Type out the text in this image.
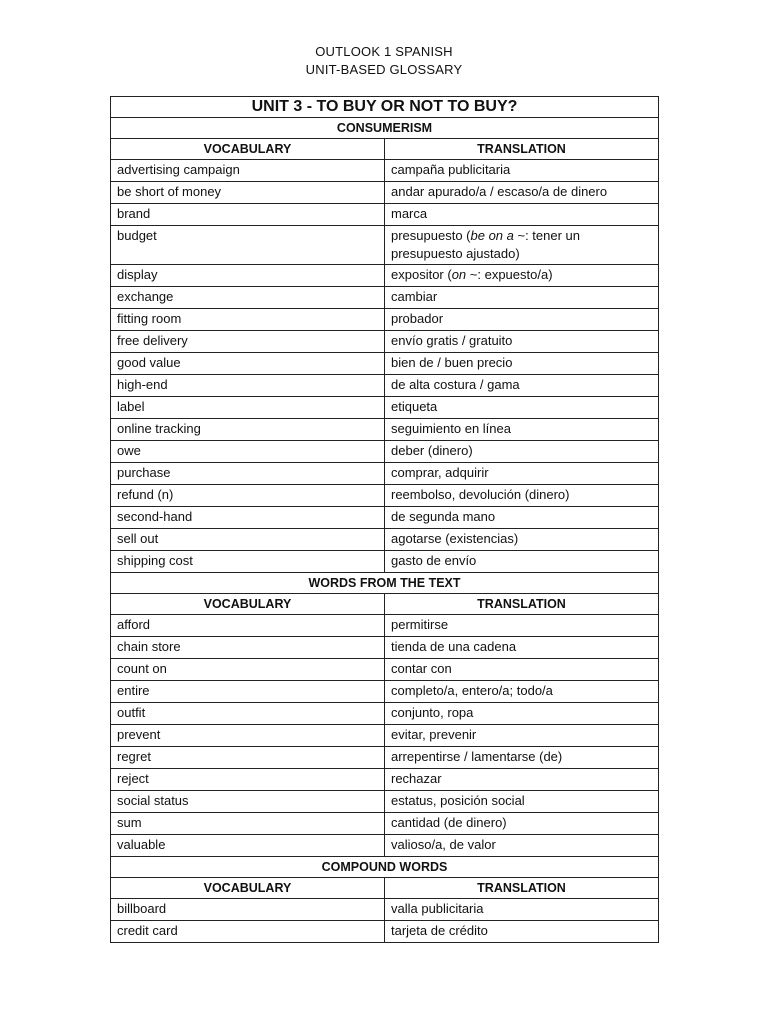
OUTLOOK 1 SPANISH
UNIT-BASED GLOSSARY
UNIT 3 - TO BUY OR NOT TO BUY?	
CONSUMERISM	
VOCABULARY	TRANSLATION
advertising campaign	campaña publicitaria
be short of money	andar apurado/a / escaso/a de dinero
brand	marca
budget	presupuesto (be on a ~: tener un presupuesto ajustado)
display	expositor (on ~: expuesto/a)
exchange	cambiar
fitting room	probador
free delivery	envío gratis / gratuito
good value	bien de / buen precio
high-end	de alta costura / gama
label	etiqueta
online tracking	seguimiento en línea
owe	deber (dinero)
purchase	comprar, adquirir
refund (n)	reembolso, devolución (dinero)
second-hand	de segunda mano
sell out	agotarse (existencias)
shipping cost	gasto de envío
WORDS FROM THE TEXT	
VOCABULARY	TRANSLATION
afford	permitirse
chain store	tienda de una cadena
count on	contar con
entire	completo/a, entero/a; todo/a
outfit	conjunto, ropa
prevent	evitar, prevenir
regret	arrepentirse / lamentarse (de)
reject	rechazar
social status	estatus, posición social
sum	cantidad (de dinero)
valuable	valioso/a, de valor
COMPOUND WORDS	
VOCABULARY	TRANSLATION
billboard	valla publicitaria
credit card	tarjeta de crédito
